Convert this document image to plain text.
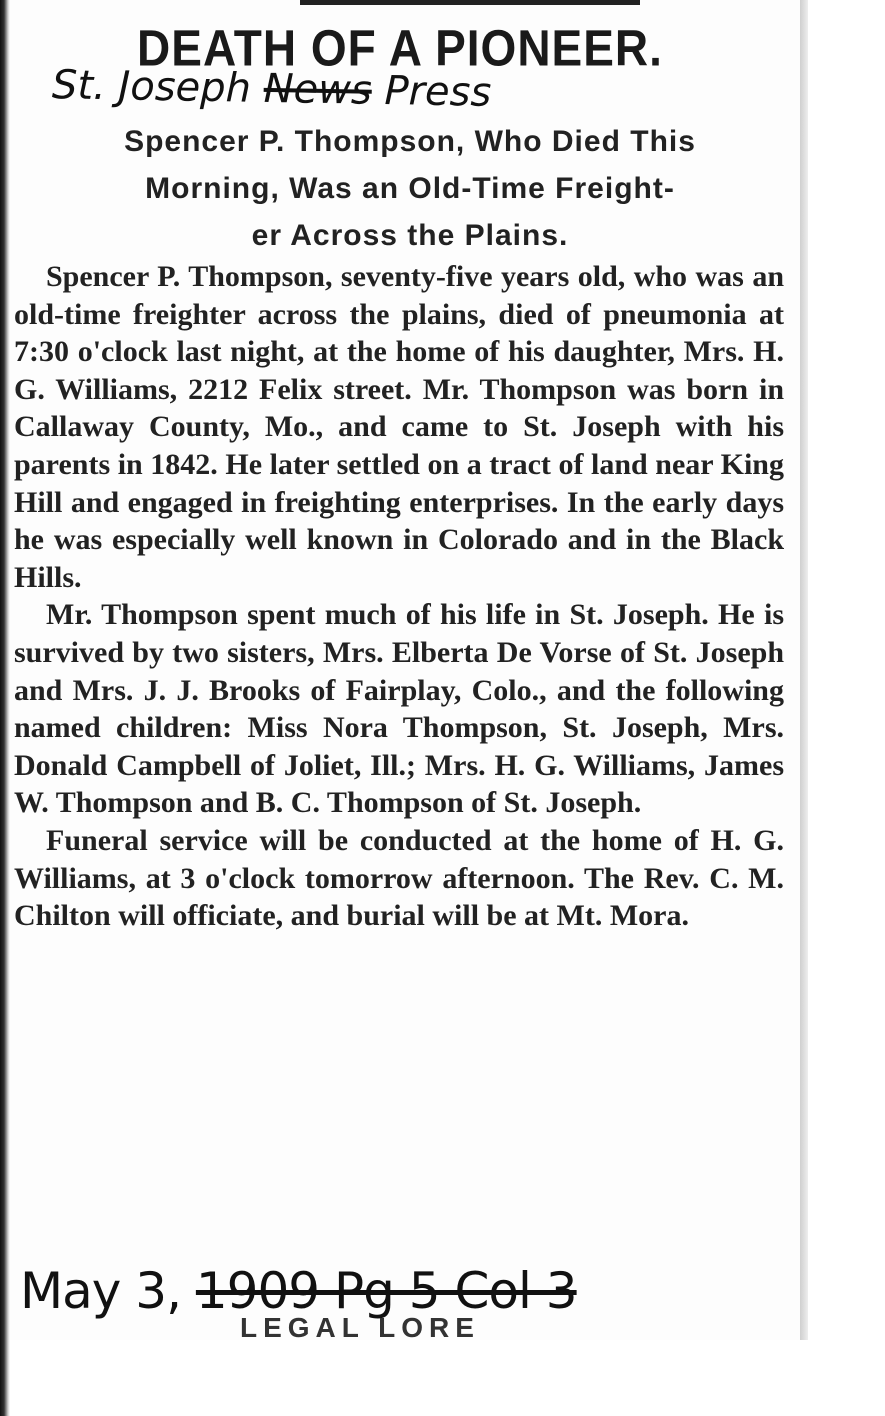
DEATH OF A PIONEER.
St. Joseph News Press
Spencer P. Thompson, Who Died This
Morning, Was an Old-Time Freight-
er Across the Plains.

Spencer P. Thompson, seventy-five years old, who was an old-time freighter across the plains, died of pneumonia at 7:30 o'clock last night, at the home of his daughter, Mrs. H. G. Williams, 2212 Felix street. Mr. Thompson was born in Callaway County, Mo., and came to St. Joseph with his parents in 1842. He later settled on a tract of land near King Hill and engaged in freighting enterprises. In the early days he was especially well known in Colorado and in the Black Hills.

Mr. Thompson spent much of his life in St. Joseph. He is survived by two sisters, Mrs. Elberta De Vorse of St. Joseph and Mrs. J. J. Brooks of Fairplay, Colo., and the following named children: Miss Nora Thompson, St. Joseph, Mrs. Donald Campbell of Joliet, Ill.; Mrs. H. G. Williams, James W. Thompson and B. C. Thompson of St. Joseph.

Funeral service will be conducted at the home of H. G. Williams, at 3 o'clock tomorrow afternoon. The Rev. C. M. Chilton will officiate, and burial will be at Mt. Mora.

May 3, 1909 Pg 5 Col 3
LEGAL LORE
